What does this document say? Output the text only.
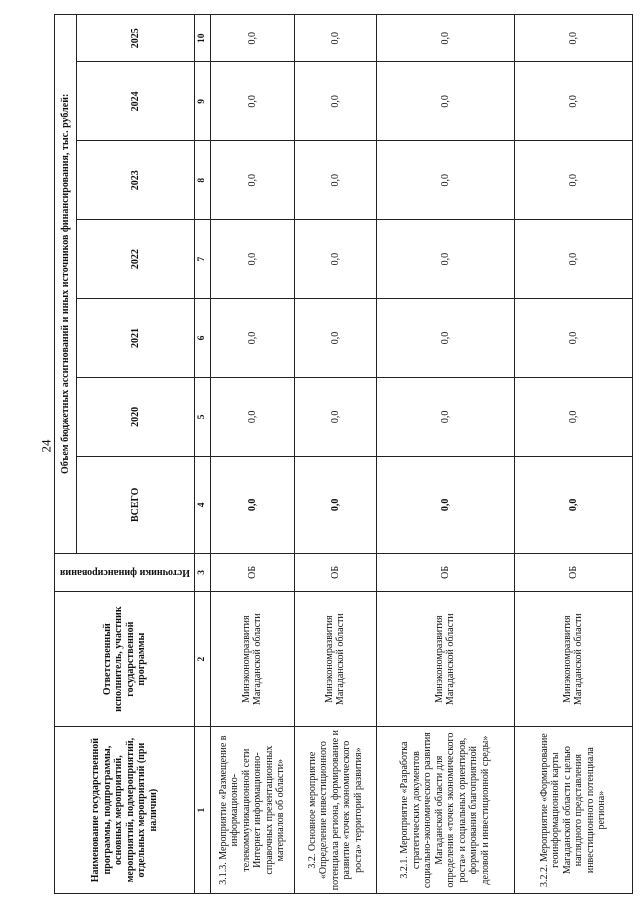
24
Наименование государственной программы, подпрограммы, основных мероприятий, мероприятий, подмероприятий, отдельных мероприятий (при наличии)	Ответственный исполнитель, участник государственной программы	Источники финансирования	Объем бюджетных ассигнований и иных источников финансирования, тыс. рублей:						
			ВСЕГО	2020	2021	2022	2023	2024	2025
1	2	3	4	5	6	7	8	9	10
3.1.3. Мероприятие «Размещение в информационно-телекоммуникационной сети Интернет информационно-справочных презентационных материалов об области»	Минэкономразвития Магаданской области	ОБ	0,0	0,0	0,0	0,0	0,0	0,0	0,0
3.2. Основное мероприятие «Определение инвестиционного потенциала региона, формирование и развитие «точек экономического роста» территорий развития»	Минэкономразвития Магаданской области	ОБ	0,0	0,0	0,0	0,0	0,0	0,0	0,0
3.2.1. Мероприятие «Разработка стратегических документов социально-экономического развития Магаданской области для определения «точек экономического роста» и социальных ориентиров, формирования благоприятной деловой и инвестиционной среды»	Минэкономразвития Магаданской области	ОБ	0,0	0,0	0,0	0,0	0,0	0,0	0,0
3.2.2. Мероприятие «Формирование геоинформационной карты Магаданской области с целью наглядного представления инвестиционного потенциала региона»	Минэкономразвития Магаданской области	ОБ	0,0	0,0	0,0	0,0	0,0	0,0	0,0
